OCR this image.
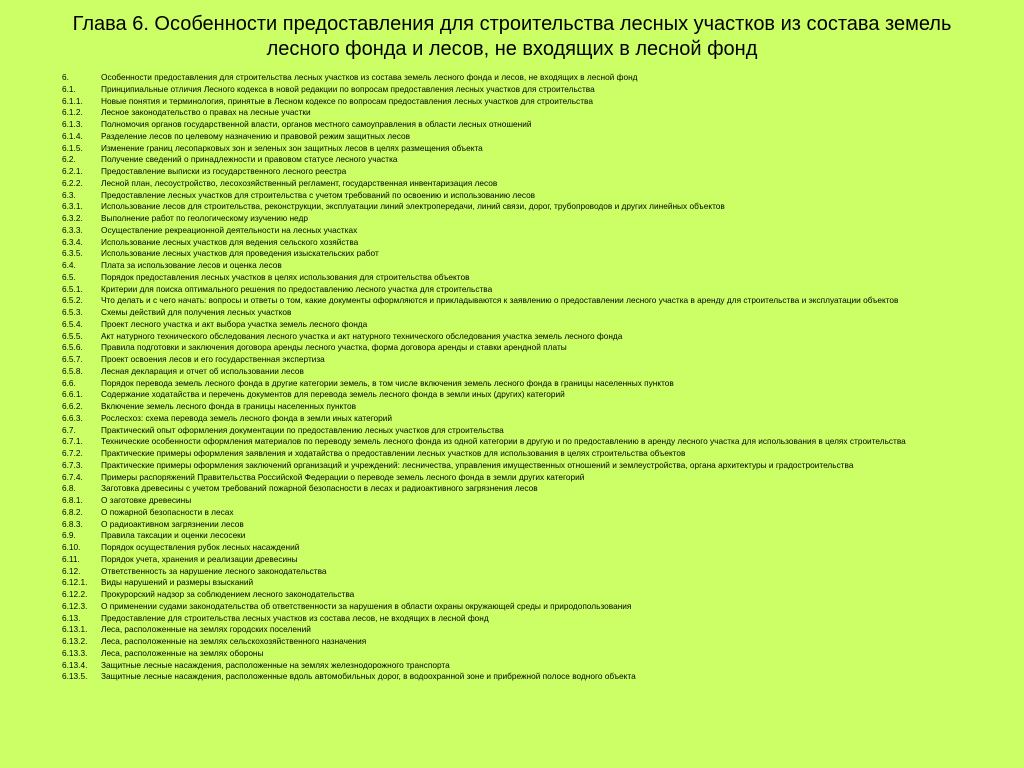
Глава 6. Особенности предоставления для строительства лесных участков из состава земель
лесного фонда и лесов, не входящих в лесной фонд
6.	Особенности предоставления для строительства лесных участков из состава земель лесного фонда и лесов, не входящих в лесной фонд
6.1.	Принципиальные отличия Лесного кодекса в новой редакции по вопросам предоставления лесных участков для строительства
6.1.1.	Новые понятия и терминология, принятые в Лесном кодексе по вопросам предоставления лесных участков для строительства
6.1.2.	Лесное законодательство о правах на лесные участки
6.1.3.	Полномочия органов государственной власти, органов местного самоуправления в области лесных отношений
6.1.4.	Разделение лесов по целевому назначению и правовой режим защитных лесов
6.1.5.	Изменение границ лесопарковых зон и зеленых зон защитных лесов в целях размещения объекта
6.2.	Получение сведений о принадлежности и правовом статусе лесного участка
6.2.1.	Предоставление выписки из государственного лесного реестра
6.2.2.	Лесной план, лесоустройство, лесохозяйственный регламент, государственная инвентаризация лесов
6.3.	Предоставление лесных участков для строительства с учетом требований по освоению и использованию лесов
6.3.1.	Использование лесов для строительства, реконструкции, эксплуатации линий электропередачи, линий связи, дорог, трубопроводов и других линейных объектов
6.3.2.	Выполнение работ по геологическому изучению недр
6.3.3.	Осуществление рекреационной деятельности на лесных участках
6.3.4.	Использование лесных участков для ведения сельского хозяйства
6.3.5.	Использование лесных участков для проведения изыскательских работ
6.4.	Плата за использование лесов и оценка лесов
6.5.	Порядок предоставления лесных участков в целях использования для строительства объектов
6.5.1.	Критерии для поиска оптимального решения по предоставлению лесного участка для строительства
6.5.2.	Что делать и с чего начать: вопросы и ответы о том, какие документы оформляются и прикладываются к заявлению о предоставлении лесного участка в аренду для строительства и эксплуатации объектов
6.5.3.	Схемы действий для получения лесных участков
6.5.4.	Проект лесного участка и акт выбора участка земель лесного фонда
6.5.5.	Акт натурного технического обследования лесного участка и акт натурного технического обследования участка земель лесного фонда
6.5.6.	Правила подготовки и заключения договора аренды лесного участка, форма договора аренды и ставки арендной платы
6.5.7.	Проект освоения лесов и его государственная экспертиза
6.5.8.	Лесная декларация и отчет об использовании лесов
6.6.	Порядок перевода земель лесного фонда в другие категории земель, в том числе включения земель лесного фонда в границы населенных пунктов
6.6.1.	Содержание ходатайства и перечень документов для перевода земель лесного фонда в земли иных (других) категорий
6.6.2.	Включение земель лесного фонда в границы населенных пунктов
6.6.3.	Рослесхоз: схема перевода земель лесного фонда в земли иных категорий
6.7.	Практический опыт оформления документации по предоставлению лесных участков для строительства
6.7.1.	Технические особенности оформления материалов по переводу земель лесного фонда из одной категории в другую и по предоставлению в аренду лесного участка для использования в целях строительства
6.7.2.	Практические примеры оформления заявления и ходатайства о предоставлении лесных участков для использования в целях строительства объектов
6.7.3.	Практические примеры оформления заключений организаций и учреждений: лесничества, управления имущественных отношений и землеустройства, органа архитектуры и градостроительства
6.7.4.	Примеры распоряжений Правительства Российской Федерации о переводе земель лесного фонда в земли других категорий
6.8.	Заготовка древесины с учетом требований пожарной безопасности в лесах и радиоактивного загрязнения лесов
6.8.1.	О заготовке древесины
6.8.2.	О пожарной безопасности в лесах
6.8.3.	О радиоактивном загрязнении лесов
6.9.	Правила таксации и оценки лесосеки
6.10.	Порядок осуществления рубок лесных насаждений
6.11.	Порядок учета, хранения и реализации древесины
6.12.	Ответственность за нарушение лесного законодательства
6.12.1.	Виды нарушений и размеры взысканий
6.12.2.	Прокурорский надзор за соблюдением лесного законодательства
6.12.3.	О применении судами законодательства об ответственности за нарушения в области охраны окружающей среды и природопользования
6.13.	Предоставление для строительства лесных участков из состава лесов, не входящих в лесной фонд
6.13.1.	Леса, расположенные на землях городских поселений
6.13.2.	Леса, расположенные на землях сельскохозяйственного назначения
6.13.3.	Леса, расположенные на землях обороны
6.13.4.	Защитные лесные насаждения, расположенные на землях железнодорожного транспорта
6.13.5.	Защитные лесные насаждения, расположенные вдоль автомобильных дорог, в водоохранной зоне и прибрежной полосе водного объекта
